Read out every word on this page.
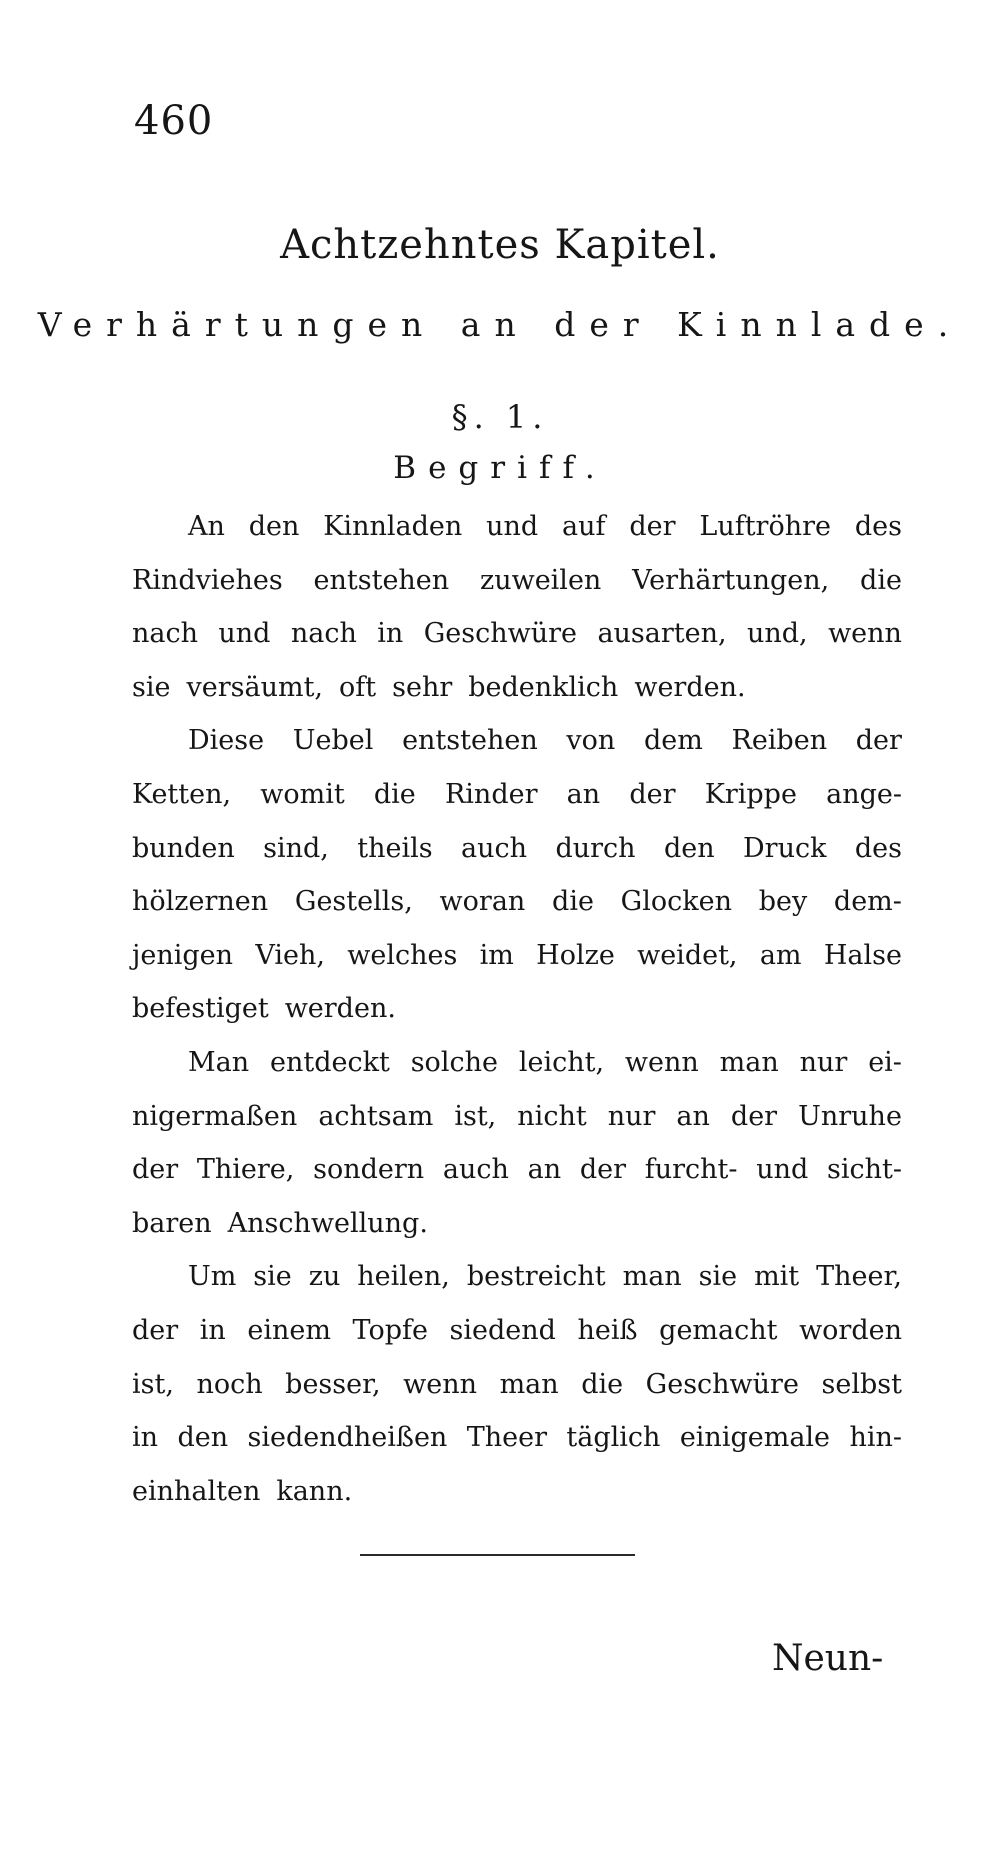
460
Achtzehntes Kapitel.
Verhärtungen an der Kinnlade.
§. 1.
Begriff.
An den Kinnladen und auf der Luftröhre des
Rindviehes entstehen zuweilen Verhärtungen, die
nach und nach in Geschwüre ausarten, und, wenn
sie versäumt, oft sehr bedenklich werden.
Diese Uebel entstehen von dem Reiben der
Ketten, womit die Rinder an der Krippe ange-
bunden sind, theils auch durch den Druck des
hölzernen Gestells, woran die Glocken bey dem-
jenigen Vieh, welches im Holze weidet, am Halse
befestiget werden.
Man entdeckt solche leicht, wenn man nur ei-
nigermaßen achtsam ist, nicht nur an der Unruhe
der Thiere, sondern auch an der furcht- und sicht-
baren Anschwellung.
Um sie zu heilen, bestreicht man sie mit Theer,
der in einem Topfe siedend heiß gemacht worden
ist, noch besser, wenn man die Geschwüre selbst
in den siedendheißen Theer täglich einigemale hin-
einhalten kann.
Neun-
